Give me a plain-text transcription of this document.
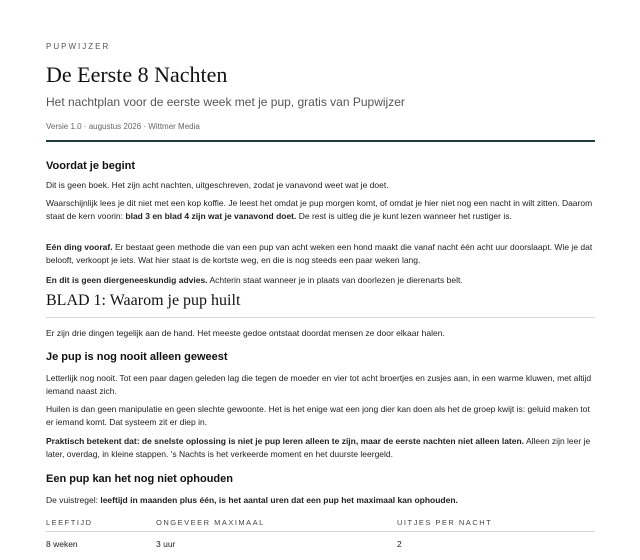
PUPWIJZER
De Eerste 8 Nachten
Het nachtplan voor de eerste week met je pup, gratis van Pupwijzer
Versie 1.0 · augustus 2026 · Wittmer Media
Voordat je begint
Dit is geen boek. Het zijn acht nachten, uitgeschreven, zodat je vanavond weet wat je doet.
Waarschijnlijk lees je dit niet met een kop koffie. Je leest het omdat je pup morgen komt, of omdat je hier niet nog een nacht in wilt zitten. Daarom staat de kern voorin: blad 3 en blad 4 zijn wat je vanavond doet. De rest is uitleg die je kunt lezen wanneer het rustiger is.
Eén ding vooraf. Er bestaat geen methode die van een pup van acht weken een hond maakt die vanaf nacht één acht uur doorslaapt. Wie je dat belooft, verkoopt je iets. Wat hier staat is de kortste weg, en die is nog steeds een paar weken lang.
En dit is geen diergeneeskundig advies. Achterin staat wanneer je in plaats van doorlezen je dierenarts belt.
BLAD 1: Waarom je pup huilt
Er zijn drie dingen tegelijk aan de hand. Het meeste gedoe ontstaat doordat mensen ze door elkaar halen.
Je pup is nog nooit alleen geweest
Letterlijk nog nooit. Tot een paar dagen geleden lag die tegen de moeder en vier tot acht broertjes en zusjes aan, in een warme kluwen, met altijd iemand naast zich.
Huilen is dan geen manipulatie en geen slechte gewoonte. Het is het enige wat een jong dier kan doen als het de groep kwijt is: geluid maken tot er iemand komt. Dat systeem zit er diep in.
Praktisch betekent dat: de snelste oplossing is niet je pup leren alleen te zijn, maar de eerste nachten niet alleen laten. Alleen zijn leer je later, overdag, in kleine stappen. 's Nachts is het verkeerde moment en het duurste leergeld.
Een pup kan het nog niet ophouden
De vuistregel: leeftijd in maanden plus één, is het aantal uren dat een pup het maximaal kan ophouden.
LEEFTIJD	ONGEVEER MAXIMAAL	UITJES PER NACHT
8 weken	3 uur	2
